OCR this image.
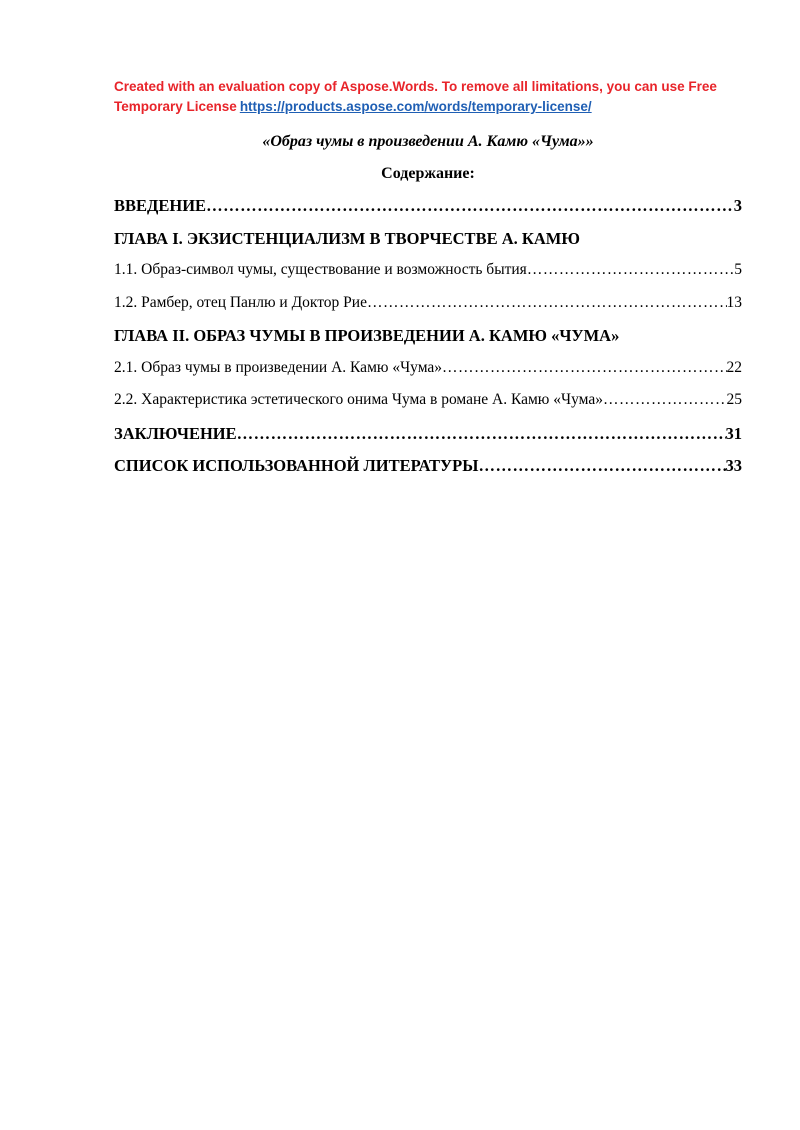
Created with an evaluation copy of Aspose.Words. To remove all limitations, you can use Free Temporary License https://products.aspose.com/words/temporary-license/
«Образ чумы в произведении А. Камю «Чума»»
Содержание:
ВВЕДЕНИЕ ……………………………………………………………………………………………………………………………………………………………………………………	3
ГЛАВА I. ЭКЗИСТЕНЦИАЛИЗМ В ТВОРЧЕСТВЕ А. КАМЮ
1.1. Образ-символ чумы, существование и возможность бытия ……………………………………………………………………………………………………………………………………………………………………………………	5
1.2. Рамбер, отец Панлю и Доктор Рие ……………………………………………………………………………………………………………………………………………………………………………………	13
ГЛАВА II. ОБРАЗ ЧУМЫ В ПРОИЗВЕДЕНИИ А. КАМЮ «ЧУМА»
2.1. Образ чумы в произведении А. Камю «Чума» ……………………………………………………………………………………………………………………………………………………………………………………	22
2.2. Характеристика эстетического онима Чума в романе А. Камю «Чума» ……………………………………………………………………………………………………………………………………………………………………………………	25
ЗАКЛЮЧЕНИЕ ……………………………………………………………………………………………………………………………………………………………………………………	31
СПИСОК ИСПОЛЬЗОВАННОЙ ЛИТЕРАТУРЫ ……………………………………………………………………………………………………………………………………………………………………………………	33
